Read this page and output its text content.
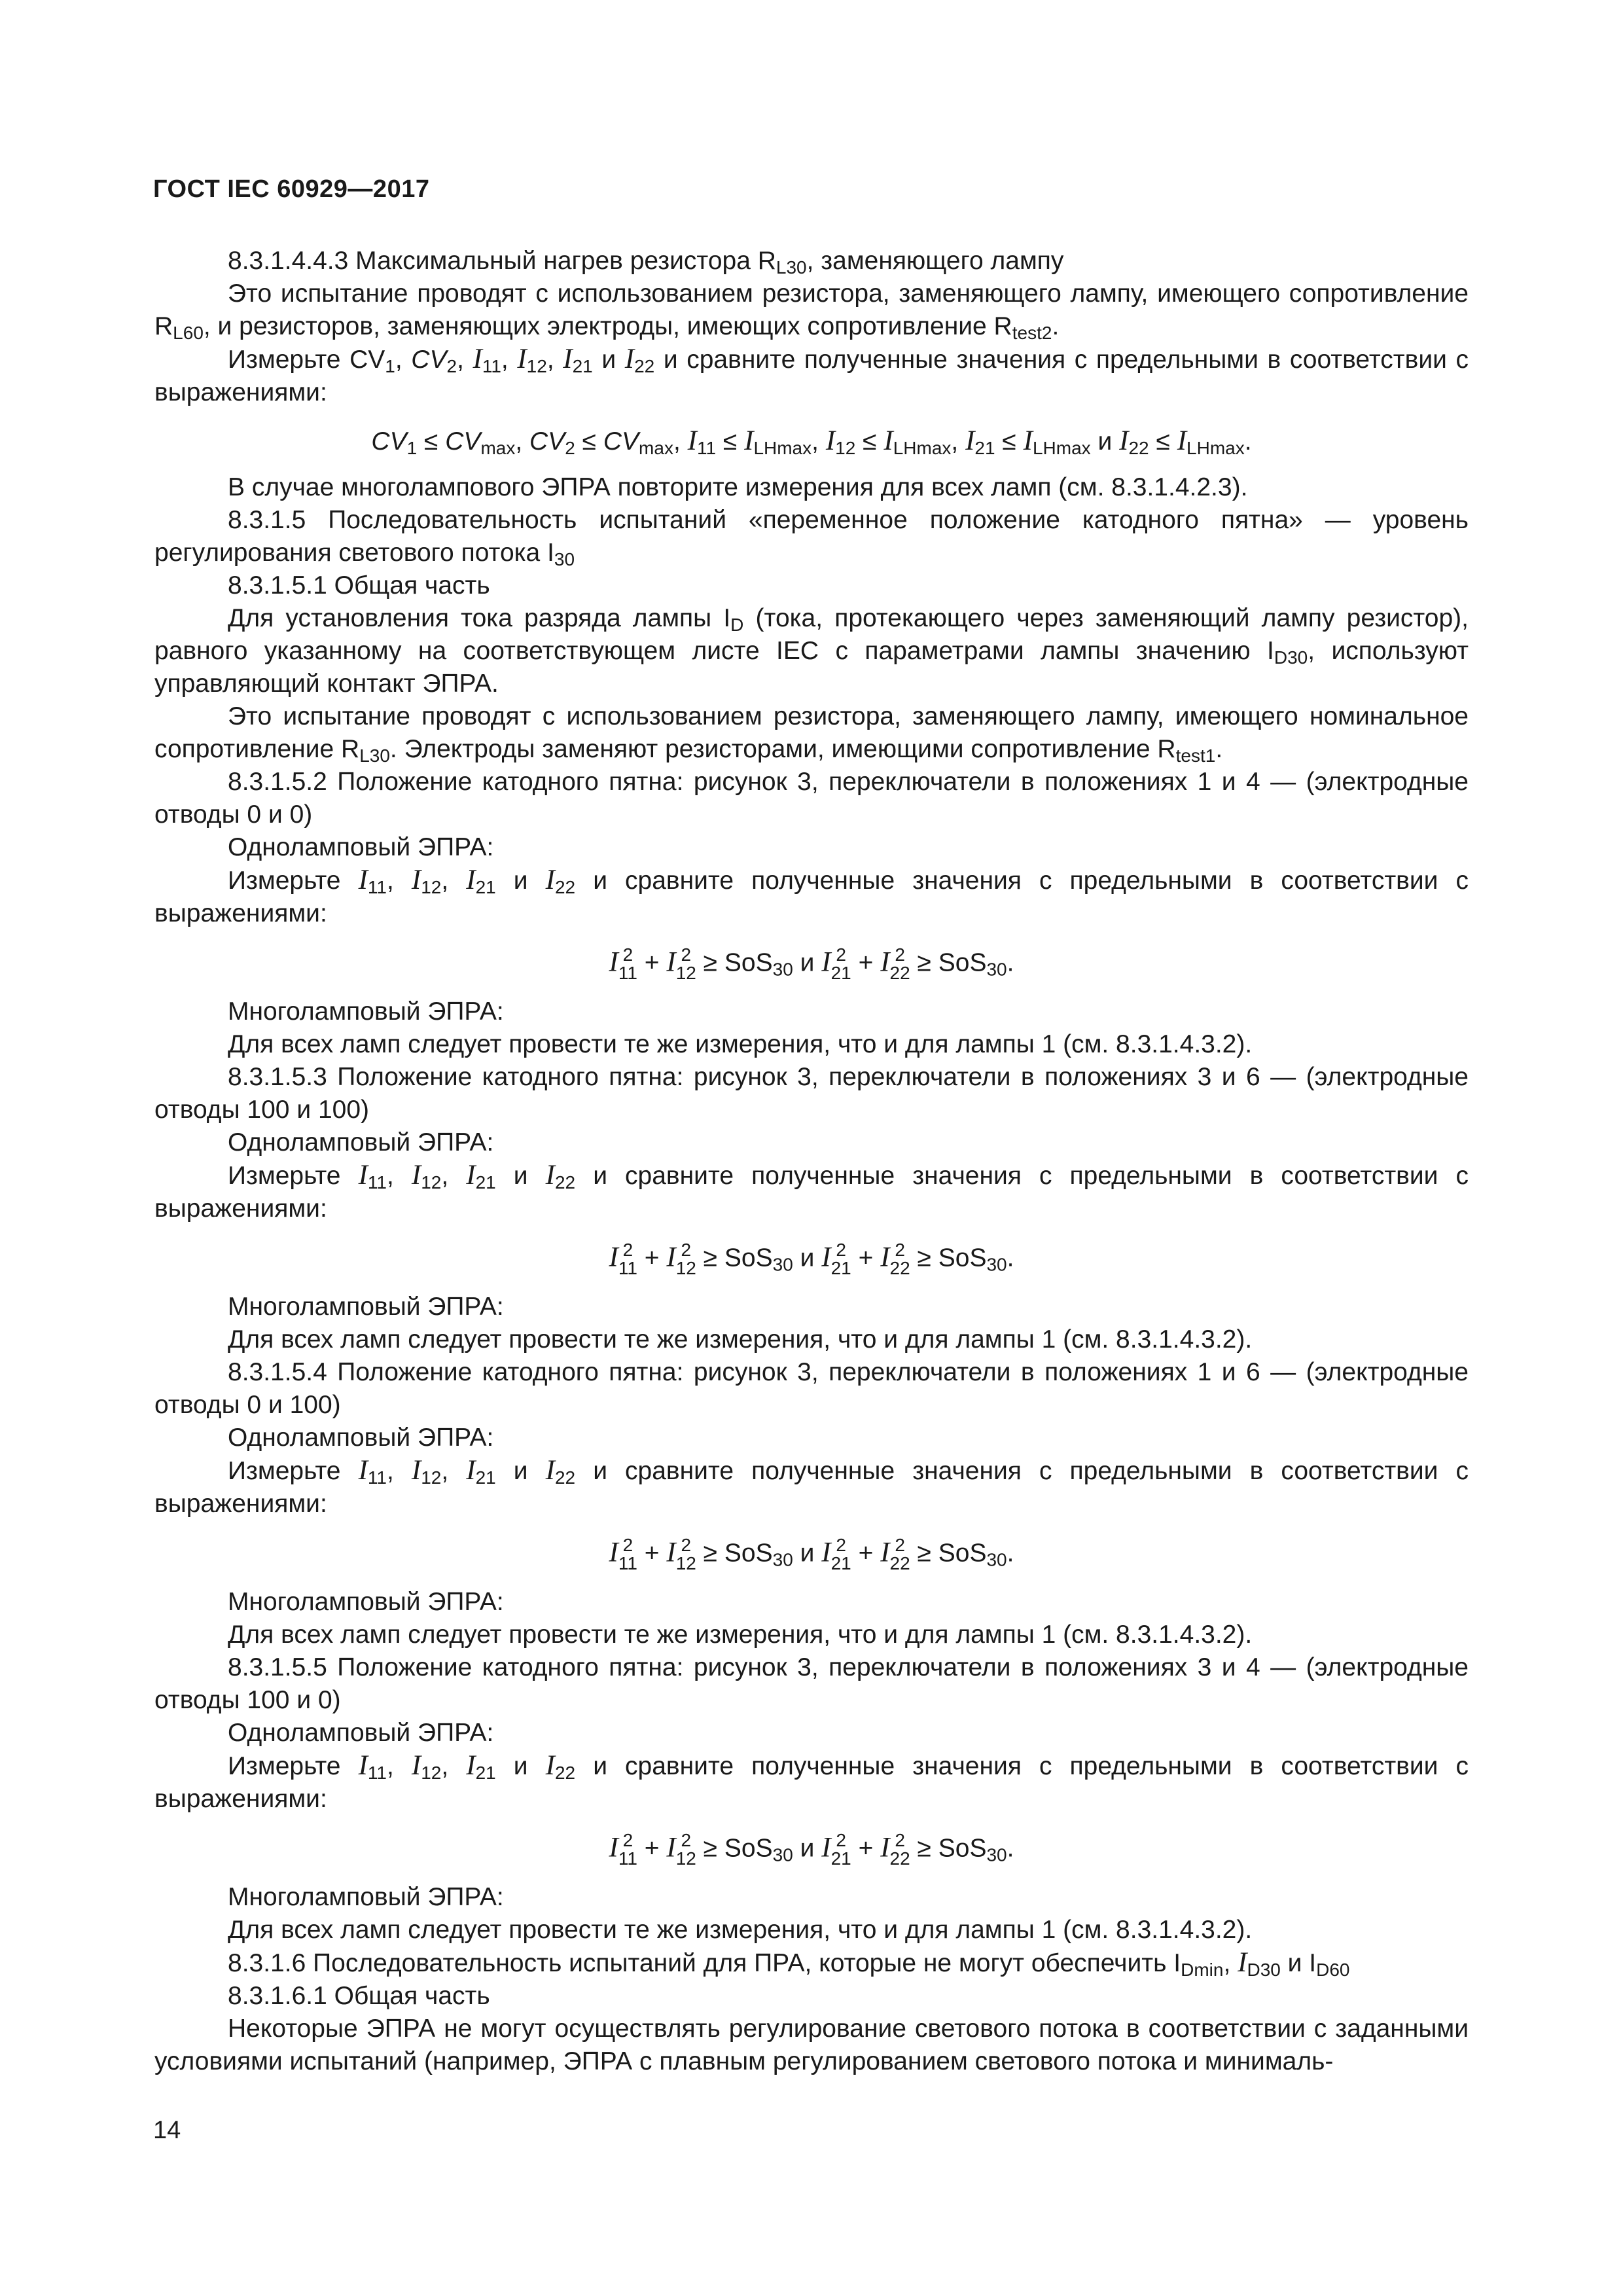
ГОСТ IEC 60929—2017

8.3.1.4.4.3 Максимальный нагрев резистора RL30, заменяющего лампу

Это испытание проводят с использованием резистора, заменяющего лампу, имеющего сопротивление RL60, и резисторов, заменяющих электроды, имеющих сопротивление Rtest2.

Измерьте CV1, CV2, I11, I12, I21 и I22 и сравните полученные значения с предельными в соответствии с выражениями:

CV1 ≤ CVmax, CV2 ≤ CVmax, I11 ≤ ILHmax, I12 ≤ ILHmax, I21 ≤ ILHmax и I22 ≤ ILHmax.

В случае многолампового ЭПРА повторите измерения для всех ламп (см. 8.3.1.4.2.3).

8.3.1.5 Последовательность испытаний «переменное положение катодного пятна» — уровень регулирования светового потока I30

8.3.1.5.1 Общая часть

Для установления тока разряда лампы ID (тока, протекающего через заменяющий лампу резистор), равного указанному на соответствующем листе IEC с параметрами лампы значению ID30, используют управляющий контакт ЭПРА.

Это испытание проводят с использованием резистора, заменяющего лампу, имеющего номинальное сопротивление RL30. Электроды заменяют резисторами, имеющими сопротивление Rtest1.

8.3.1.5.2 Положение катодного пятна: рисунок 3, переключатели в положениях 1 и 4 — (электродные отводы 0 и 0)

Одноламповый ЭПРА:

Измерьте I11, I12, I21 и I22 и сравните полученные значения с предельными в соответствии с выражениями:

I 2
11 + I 2
12 ≥ SoS30 и I 2
21 + I 2
22 ≥ SoS30.

Многоламповый ЭПРА:

Для всех ламп следует провести те же измерения, что и для лампы 1 (см. 8.3.1.4.3.2).

8.3.1.5.3 Положение катодного пятна: рисунок 3, переключатели в положениях 3 и 6 — (электродные отводы 100 и 100)

Одноламповый ЭПРА:

Измерьте I11, I12, I21 и I22 и сравните полученные значения с предельными в соответствии с выражениями:

I 2
11 + I 2
12 ≥ SoS30 и I 2
21 + I 2
22 ≥ SoS30.

Многоламповый ЭПРА:

Для всех ламп следует провести те же измерения, что и для лампы 1 (см. 8.3.1.4.3.2).

8.3.1.5.4 Положение катодного пятна: рисунок 3, переключатели в положениях 1 и 6 — (электродные отводы 0 и 100)

Одноламповый ЭПРА:

Измерьте I11, I12, I21 и I22 и сравните полученные значения с предельными в соответствии с выражениями:

I 2
11 + I 2
12 ≥ SoS30 и I 2
21 + I 2
22 ≥ SoS30.

Многоламповый ЭПРА:

Для всех ламп следует провести те же измерения, что и для лампы 1 (см. 8.3.1.4.3.2).

8.3.1.5.5 Положение катодного пятна: рисунок 3, переключатели в положениях 3 и 4 — (электродные отводы 100 и 0)

Одноламповый ЭПРА:

Измерьте I11, I12, I21 и I22 и сравните полученные значения с предельными в соответствии с выражениями:

I 2
11 + I 2
12 ≥ SoS30 и I 2
21 + I 2
22 ≥ SoS30.

Многоламповый ЭПРА:

Для всех ламп следует провести те же измерения, что и для лампы 1 (см. 8.3.1.4.3.2).

8.3.1.6 Последовательность испытаний для ПРА, которые не могут обеспечить IDmin, ID30 и ID60

8.3.1.6.1 Общая часть

Некоторые ЭПРА не могут осуществлять регулирование светового потока в соответствии с заданными условиями испытаний (например, ЭПРА с плавным регулированием светового потока и минималь-

14
